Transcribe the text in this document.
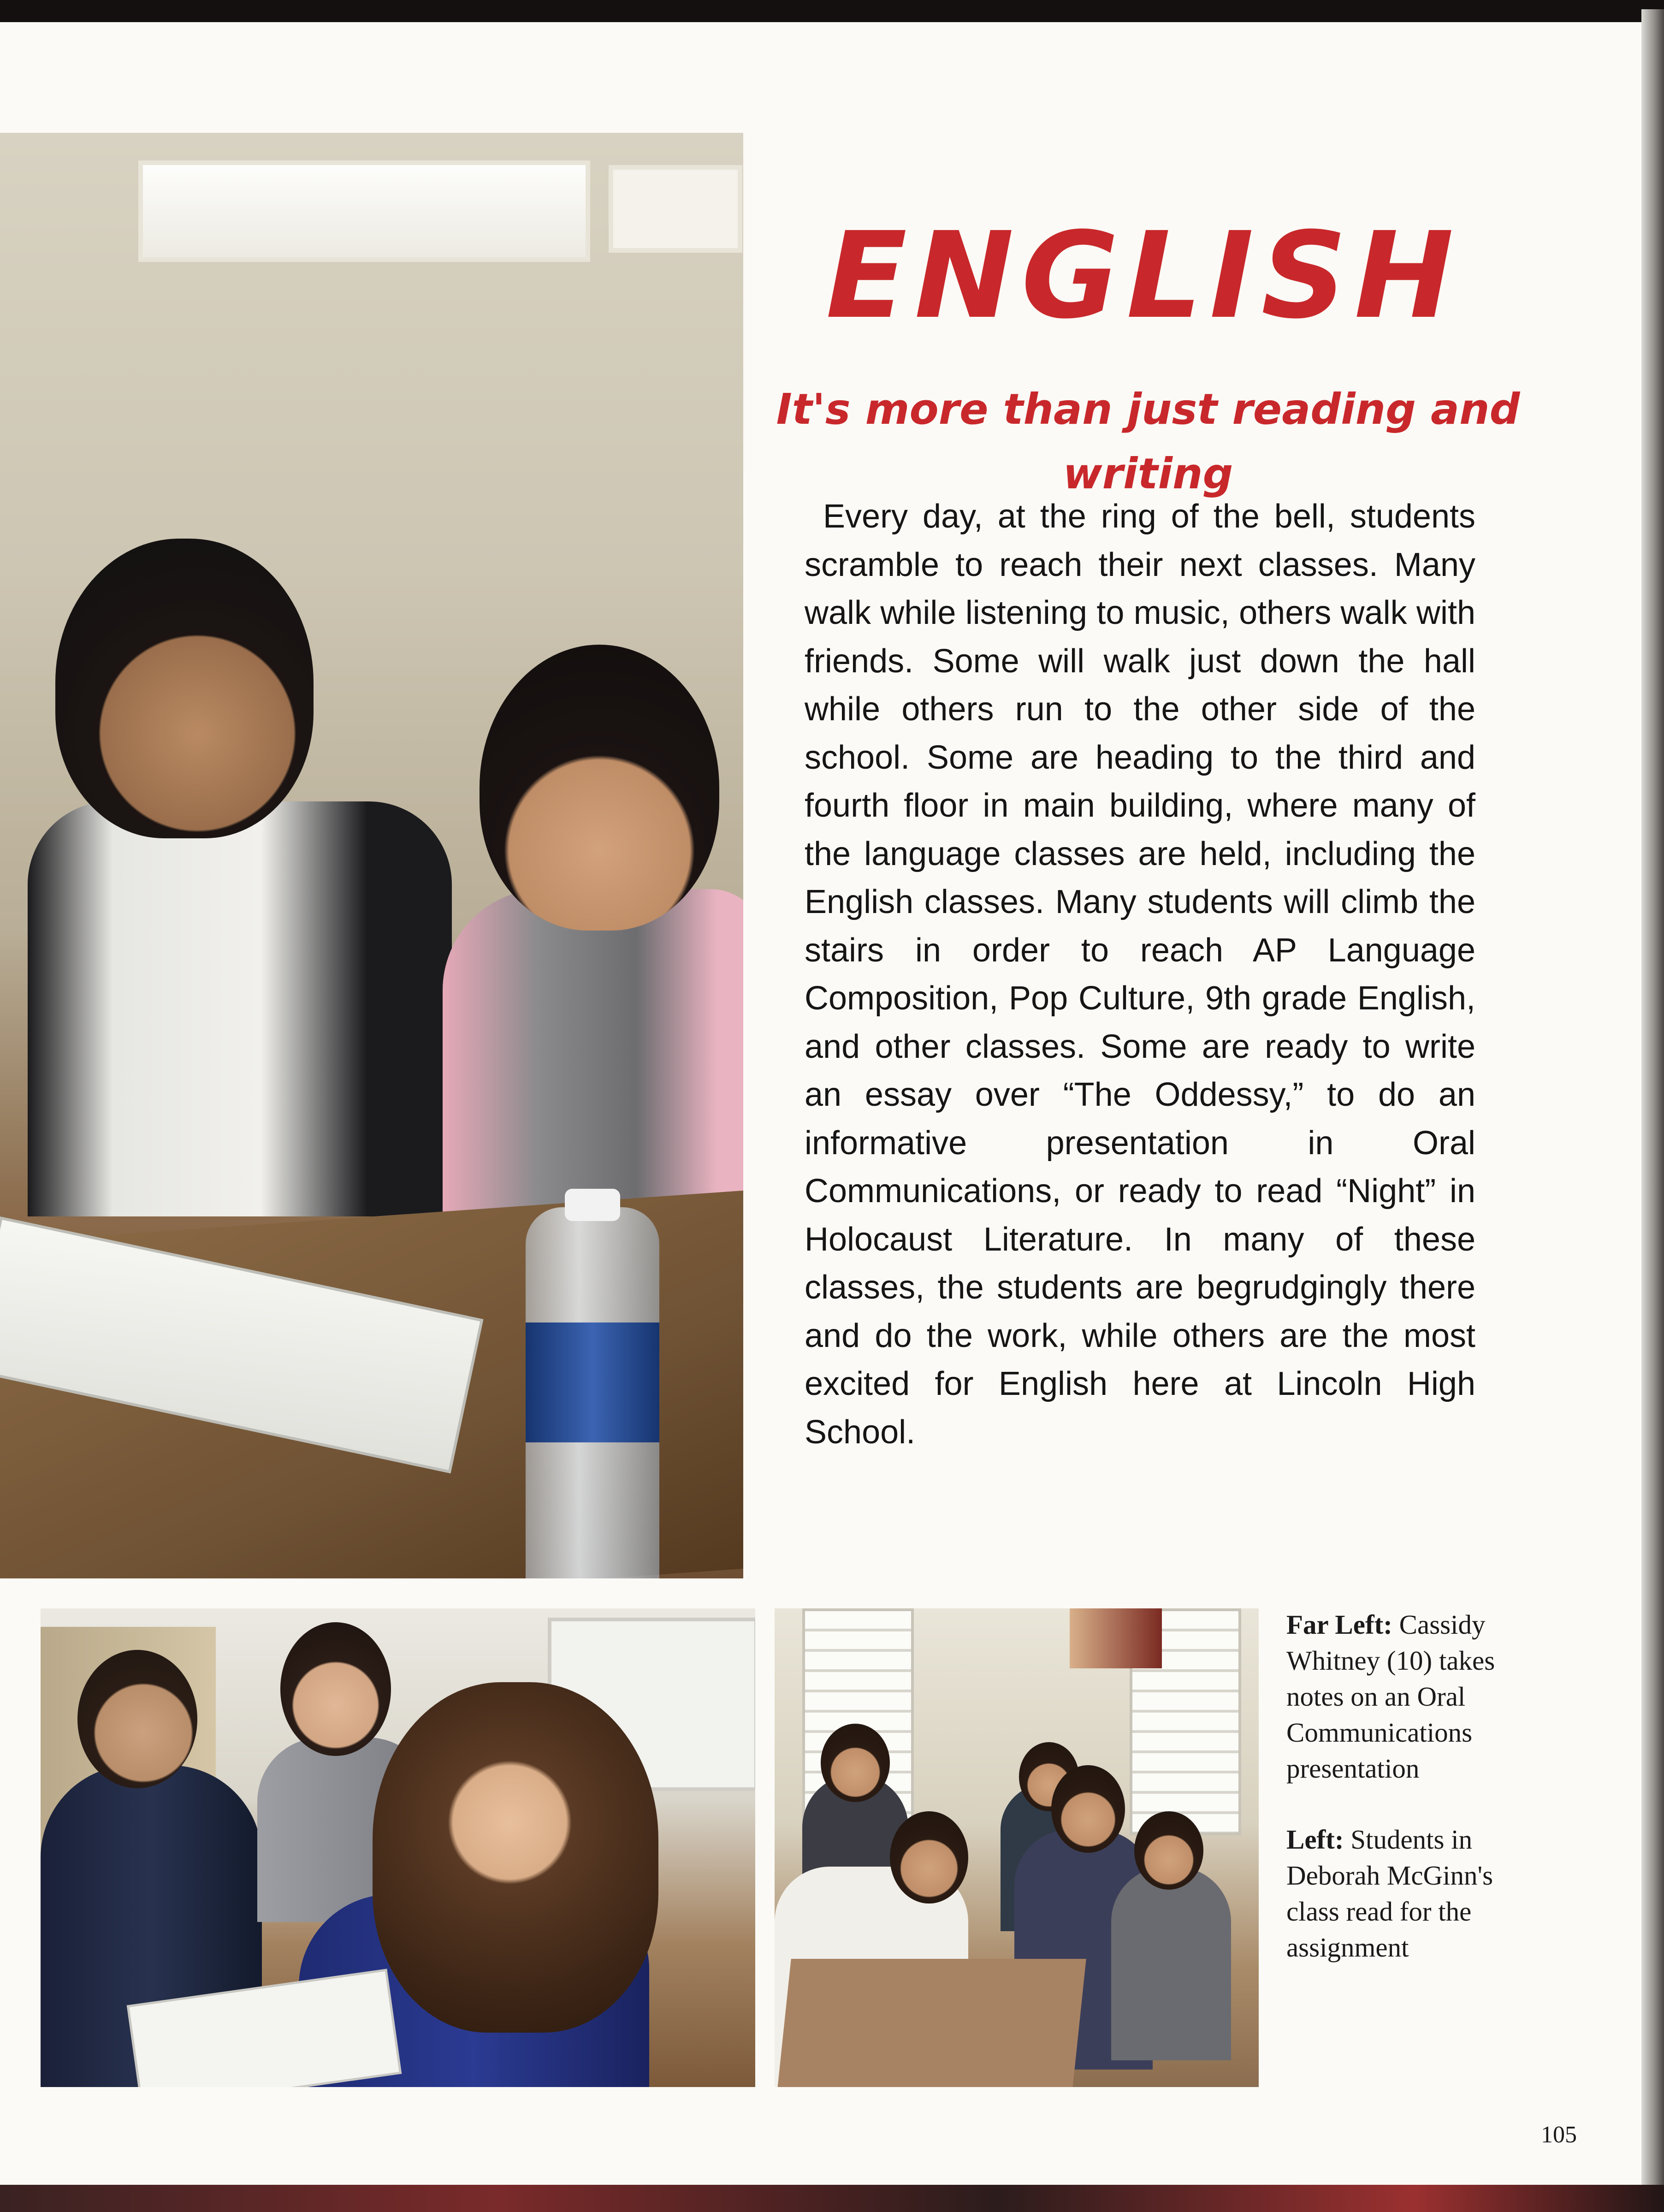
ENGLISH
It's more than just reading and writing

Every day, at the ring of the bell, students scramble to reach their next classes. Many walk while listening to music, others walk with friends. Some will walk just down the hall while others run to the other side of the school. Some are heading to the third and fourth floor in main building, where many of the language classes are held, including the English classes. Many students will climb the stairs in order to reach AP Language Composition, Pop Culture, 9th grade English, and other classes. Some are ready to write an essay over “The Oddessy,” to do an informative presentation in Oral Communications, or ready to read “Night” in Holocaust Literature. In many of these classes, the students are begrudgingly there and do the work, while others are the most excited for English here at Lincoln High School.

Far Left: Cassidy Whitney (10) takes notes on an Oral Communications presentation

Left: Students in Deborah McGinn's class read for the assignment

105
